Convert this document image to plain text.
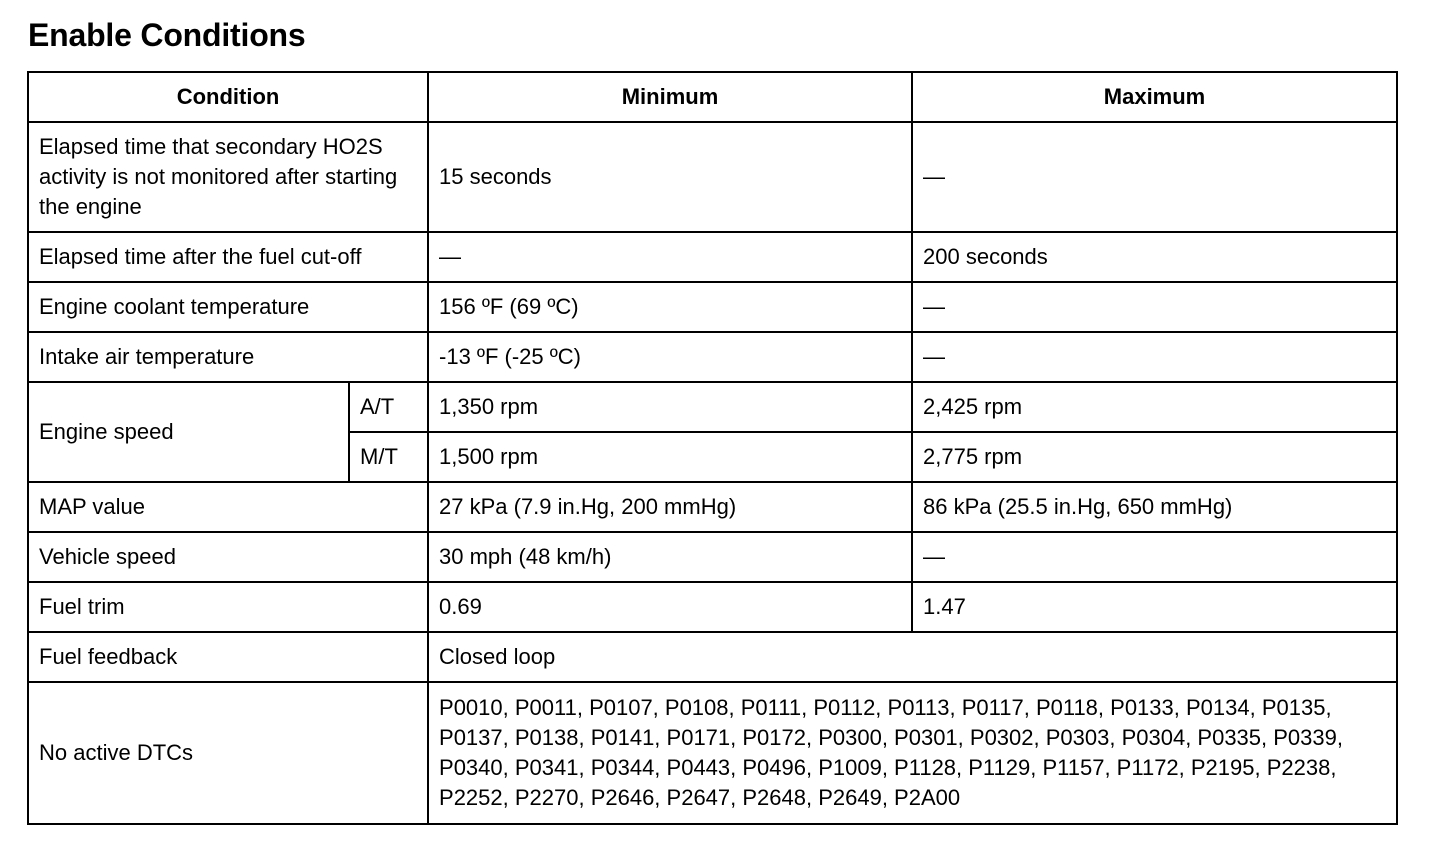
Enable Conditions
Condition		Minimum	Maximum
Elapsed time that secondary HO2S activity is not monitored after starting the engine		15 seconds	—
Elapsed time after the fuel cut-off		—	200 seconds
Engine coolant temperature		156 ºF (69 ºC)	—
Intake air temperature		-13 ºF (-25 ºC)	—
Engine speed	A/T	1,350 rpm	2,425 rpm
	M/T	1,500 rpm	2,775 rpm
MAP value		27 kPa (7.9 in.Hg, 200 mmHg)	86 kPa (25.5 in.Hg, 650 mmHg)
Vehicle speed		30 mph (48 km/h)	—
Fuel trim		0.69	1.47
Fuel feedback		Closed loop	
No active DTCs		P0010, P0011, P0107, P0108, P0111, P0112, P0113, P0117, P0118, P0133, P0134, P0135, P0137, P0138, P0141, P0171, P0172, P0300, P0301, P0302, P0303, P0304, P0335, P0339, P0340, P0341, P0344, P0443, P0496, P1009, P1128, P1129, P1157, P1172, P2195, P2238, P2252, P2270, P2646, P2647, P2648, P2649, P2A00	
